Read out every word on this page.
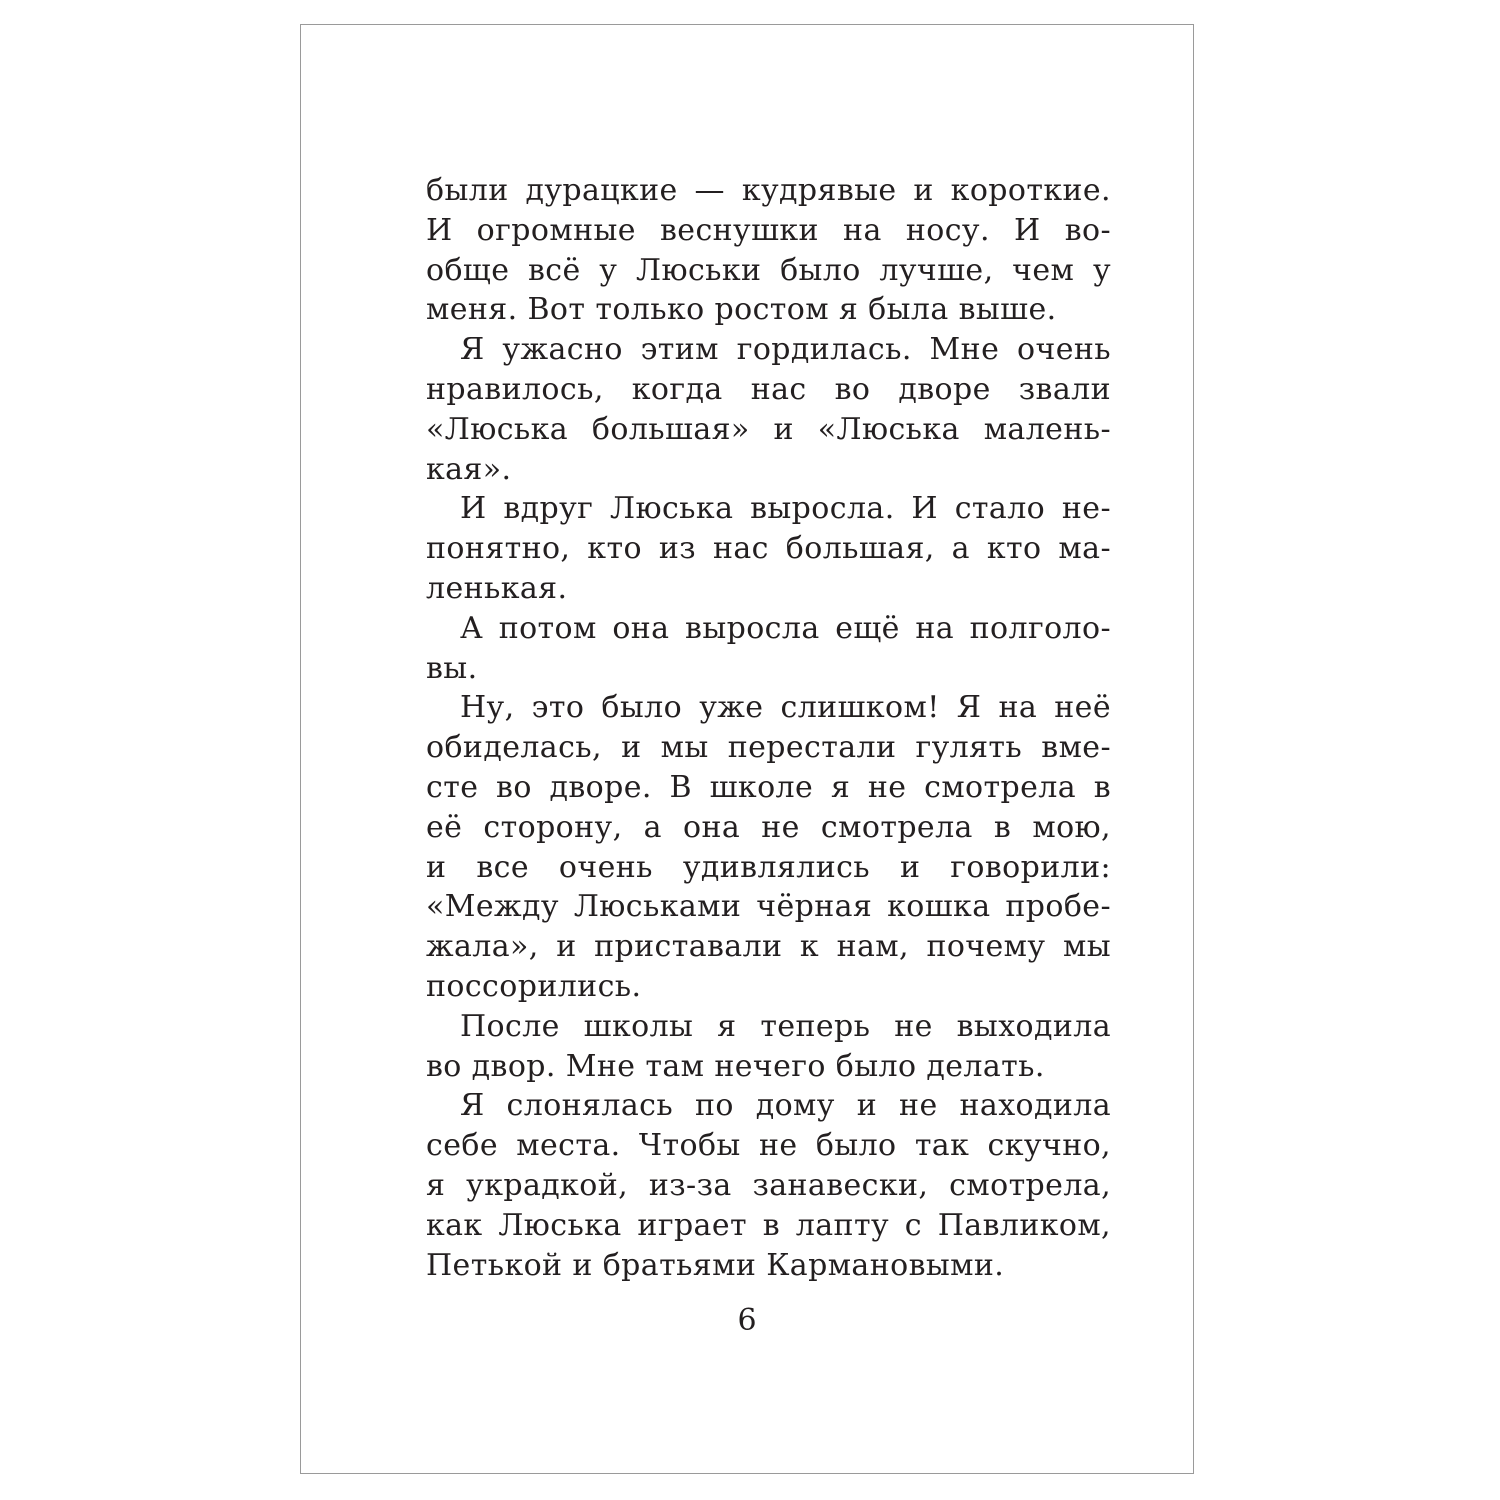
были дурацкие — кудрявые и короткие.
И огромные веснушки на носу. И во-
обще всё у Люськи было лучше, чем у
меня. Вот только ростом я была выше.
Я ужасно этим гордилась. Мне очень
нравилось, когда нас во дворе звали
«Люська большая» и «Люська малень-
кая».
И вдруг Люська выросла. И стало не-
понятно, кто из нас большая, а кто ма-
ленькая.
А потом она выросла ещё на полголо-
вы.
Ну, это было уже слишком! Я на неё
обиделась, и мы перестали гулять вме-
сте во дворе. В школе я не смотрела в
её сторону, а она не смотрела в мою,
и все очень удивлялись и говорили:
«Между Люськами чёрная кошка пробе-
жала», и приставали к нам, почему мы
поссорились.
После школы я теперь не выходила
во двор. Мне там нечего было делать.
Я слонялась по дому и не находила
себе места. Чтобы не было так скучно,
я украдкой, из-за занавески, смотрела,
как Люська играет в лапту с Павликом,
Петькой и братьями Кармановыми.
6
